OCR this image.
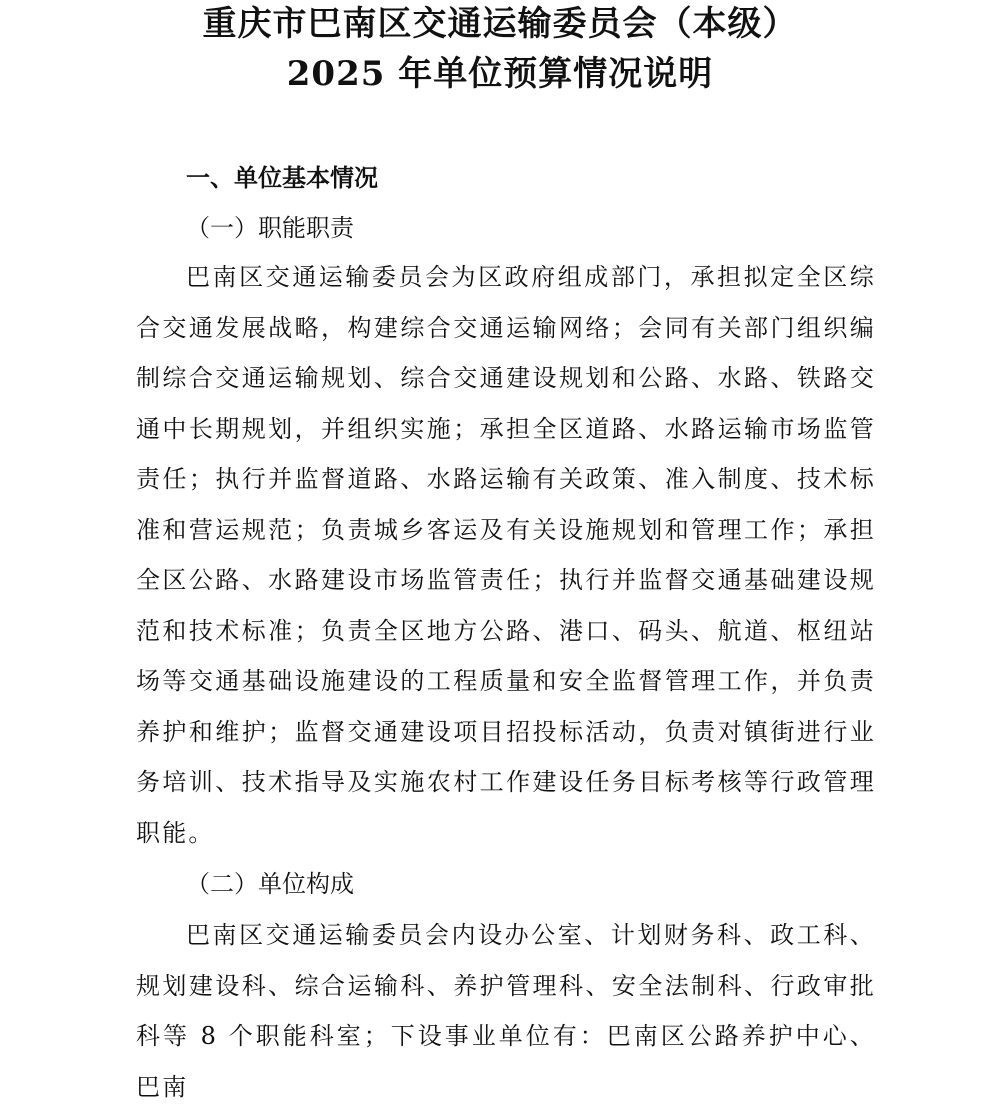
重庆市巴南区交通运输委员会（本级）
2025 年单位预算情况说明
一、单位基本情况
（一）职能职责

巴南区交通运输委员会为区政府组成部门，承担拟定全区综合交通发展战略，构建综合交通运输网络；会同有关部门组织编制综合交通运输规划、综合交通建设规划和公路、水路、铁路交通中长期规划，并组织实施；承担全区道路、水路运输市场监管责任；执行并监督道路、水路运输有关政策、准入制度、技术标准和营运规范；负责城乡客运及有关设施规划和管理工作；承担全区公路、水路建设市场监管责任；执行并监督交通基础建设规范和技术标准；负责全区地方公路、港口、码头、航道、枢纽站场等交通基础设施建设的工程质量和安全监督管理工作，并负责养护和维护；监督交通建设项目招投标活动，负责对镇街进行业务培训、技术指导及实施农村工作建设任务目标考核等行政管理职能。

（二）单位构成

巴南区交通运输委员会内设办公室、计划财务科、政工科、规划建设科、综合运输科、养护管理科、安全法制科、行政审批科等 8 个职能科室；下设事业单位有：巴南区公路养护中心、巴南
